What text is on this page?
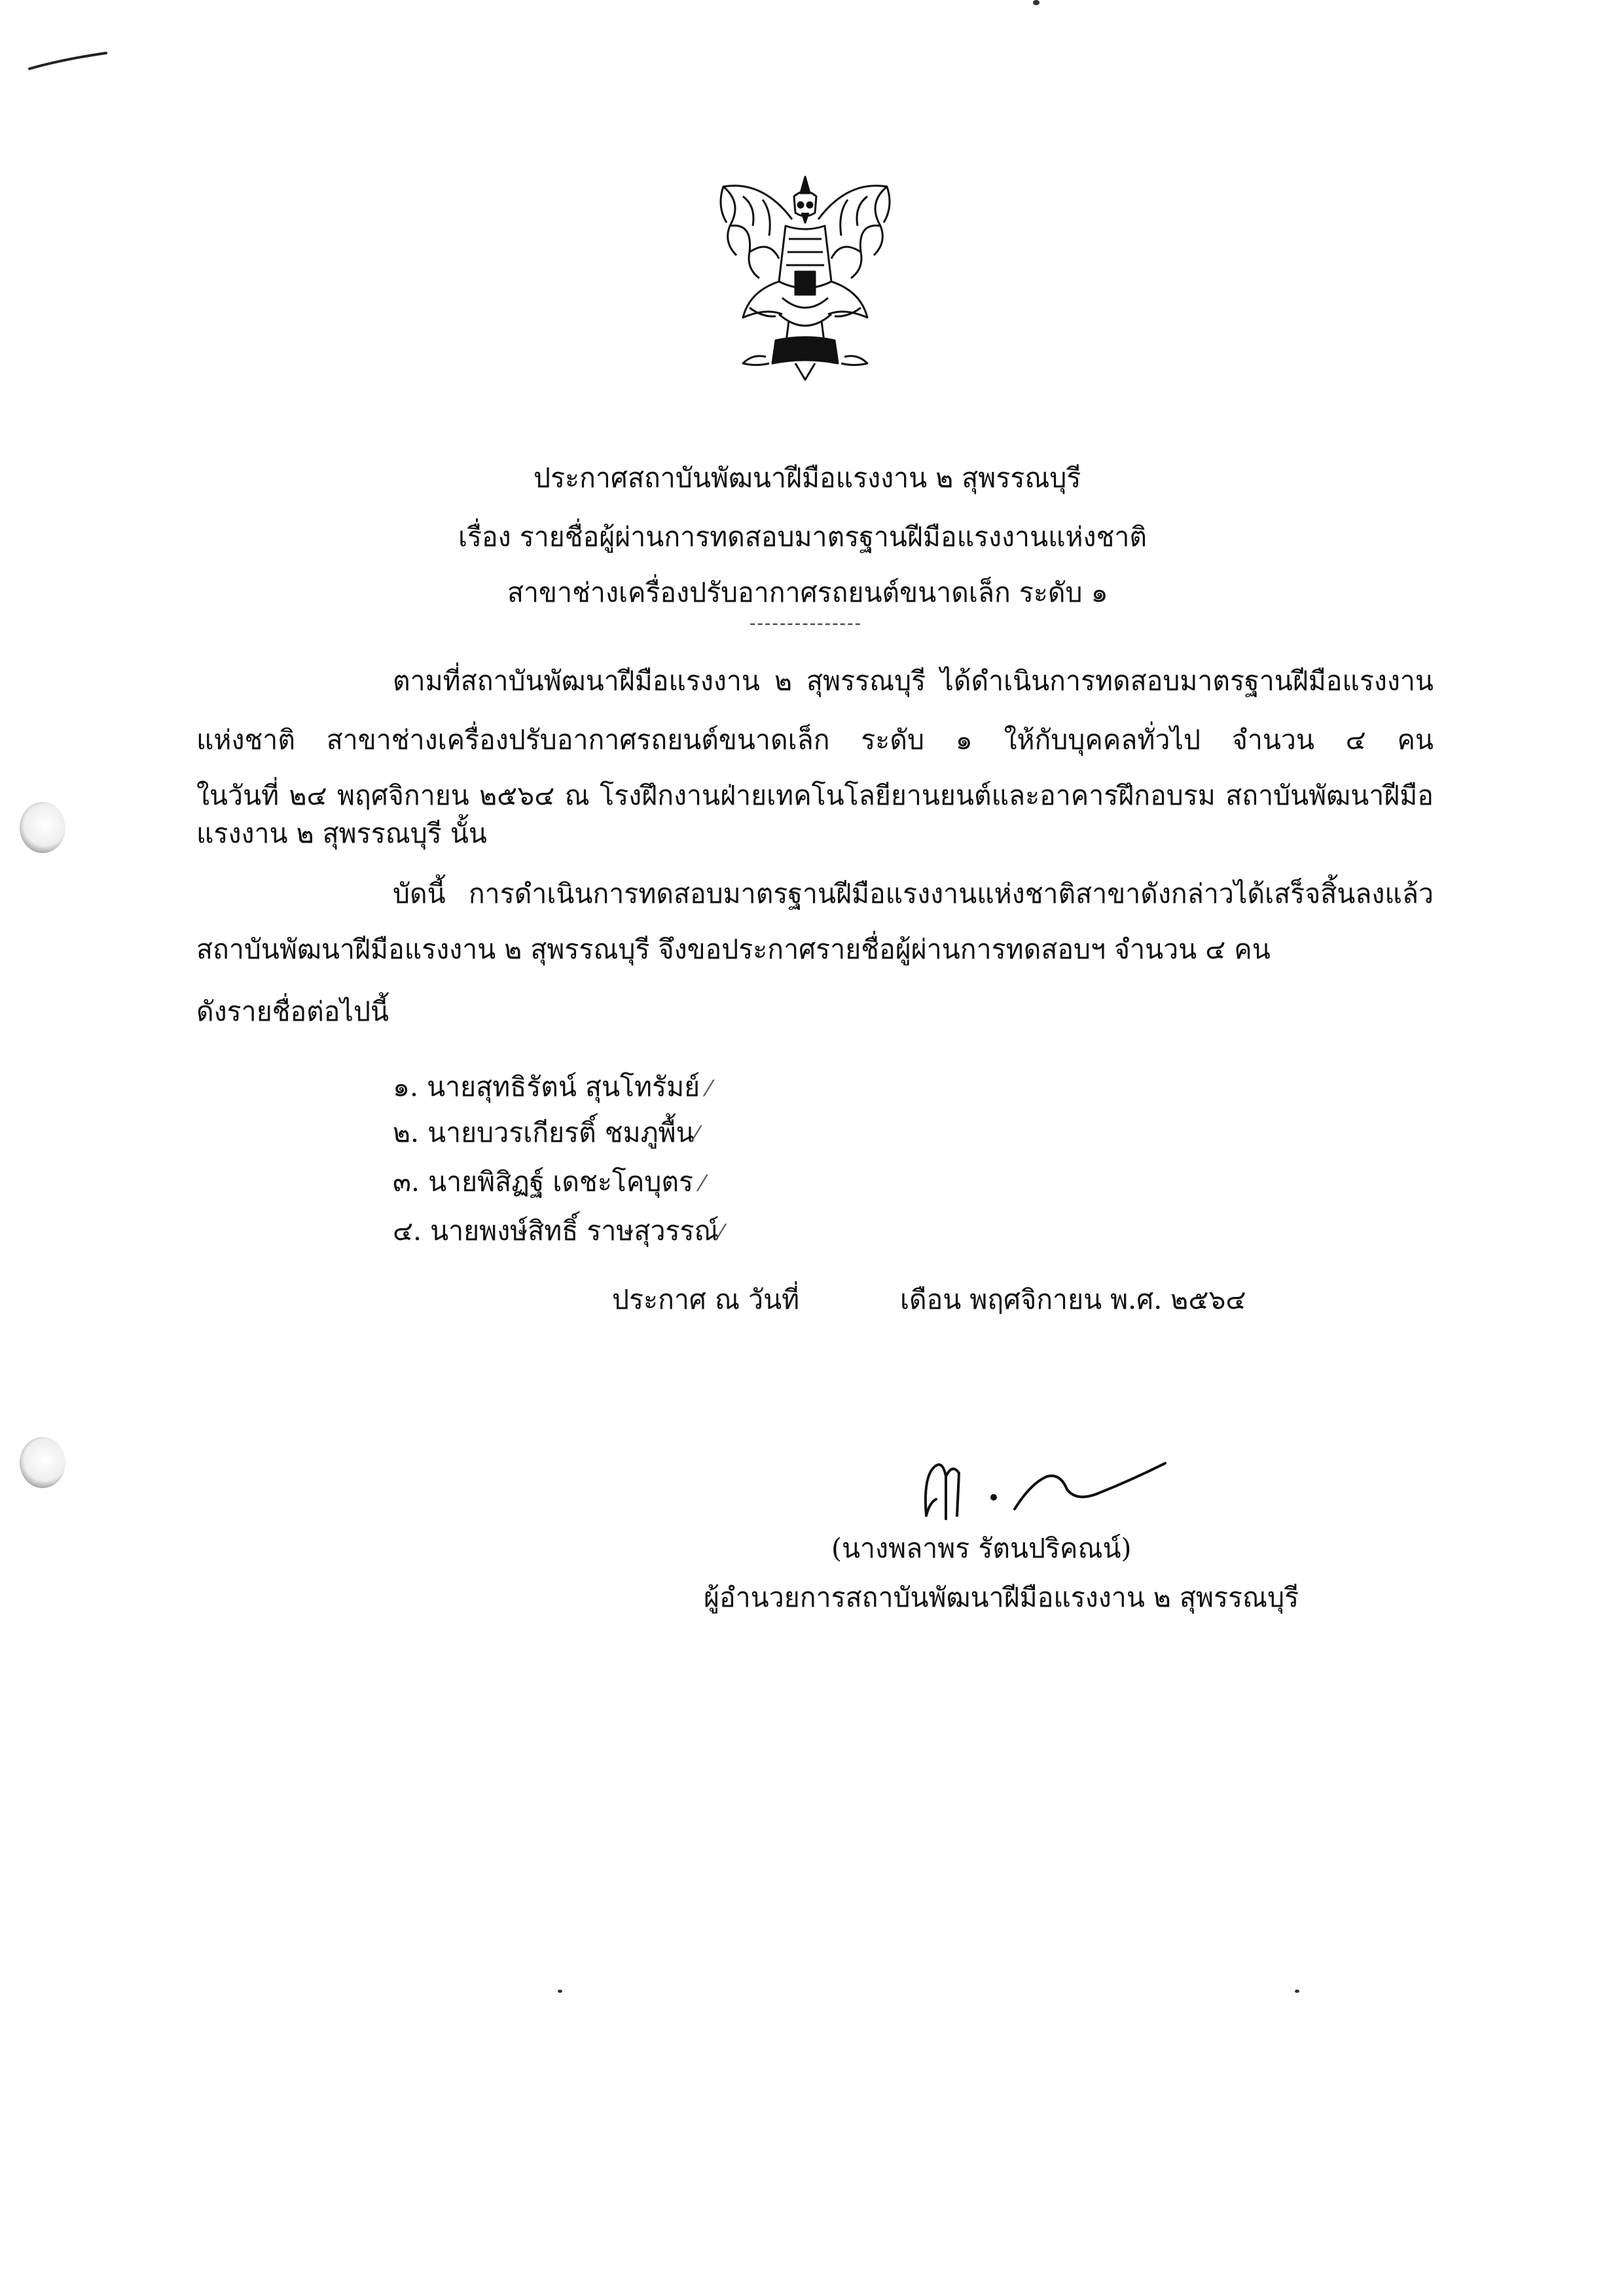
ประกาศสถาบันพัฒนาฝีมือแรงงาน ๒ สุพรรณบุรี
เรื่อง รายชื่อผู้ผ่านการทดสอบมาตรฐานฝีมือแรงงานแห่งชาติ
สาขาช่างเครื่องปรับอากาศรถยนต์ขนาดเล็ก ระดับ ๑
---------------
ตามที่สถาบันพัฒนาฝีมือแรงงาน ๒ สุพรรณบุรี ได้ดำเนินการทดสอบมาตรฐานฝีมือแรงงาน
แห่งชาติ สาขาช่างเครื่องปรับอากาศรถยนต์ขนาดเล็ก ระดับ ๑ ให้กับบุคคลทั่วไป จำนวน ๔ คน
ในวันที่ ๒๔ พฤศจิกายน ๒๕๖๔ ณ โรงฝึกงานฝ่ายเทคโนโลยียานยนต์และอาคารฝึกอบรม สถาบันพัฒนาฝีมือ
แรงงาน ๒ สุพรรณบุรี นั้น
บัดนี้ การดำเนินการทดสอบมาตรฐานฝีมือแรงงานแห่งชาติสาขาดังกล่าวได้เสร็จสิ้นลงแล้ว
สถาบันพัฒนาฝีมือแรงงาน ๒ สุพรรณบุรี จึงขอประกาศรายชื่อผู้ผ่านการทดสอบฯ จำนวน ๔ คน
ดังรายชื่อต่อไปนี้
๑. นายสุทธิรัตน์ สุนโทรัมย์ ⁄
๒. นายบวรเกียรติ์ ชมภูพื้น⁄
๓. นายพิสิฏฐ์ เดชะโคบุตร ⁄
๔. นายพงษ์สิทธิ์ ราษสุวรรณ์⁄
ประกาศ ณ วันที่	เดือน พฤศจิกายน พ.ศ. ๒๕๖๔
(นางพลาพร รัตนปริคณน์)
ผู้อำนวยการสถาบันพัฒนาฝีมือแรงงาน ๒ สุพรรณบุรี
